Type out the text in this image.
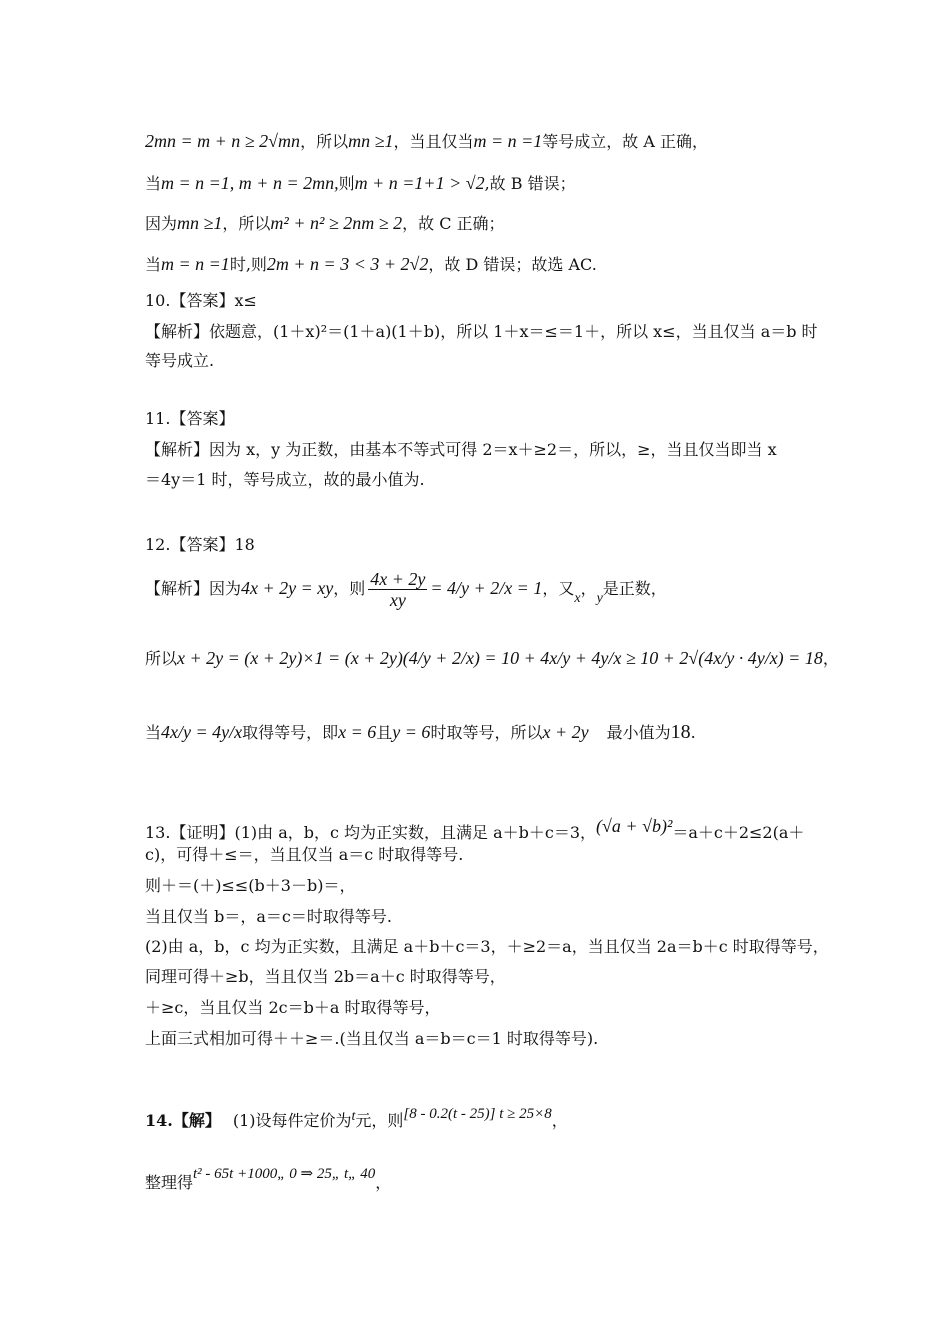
2mn = m + n ≥ 2√mn，所以mn ≥1，当且仅当m = n =1等号成立，故 A 正确，
当m = n =1, m + n = 2mn,则m + n =1+1 > √2,故 B 错误；
因为mn ≥1，所以m² + n² ≥ 2nm ≥ 2，故 C 正确；
当m = n =1时,则2m + n = 3 < 3 + 2√2，故 D 错误；故选 AC.
10.【答案】x≤
【解析】依题意，(1＋x)²＝(1＋a)(1＋b)，所以 1＋x＝≤＝1＋，所以 x≤，当且仅当 a＝b 时
等号成立.
11.【答案】
【解析】因为 x，y 为正数，由基本不等式可得 2＝x＋≥2＝，所以，≥，当且仅当即当 x
＝4y＝1 时，等号成立，故的最小值为.
12.【答案】18
【解析】因为4x + 2y = xy，则 $\frac{4x + 2y}{xy} = 4/y + 2/x = 1$，又x，y是正数，
所以x + 2y = (x + 2y)×1 = (x + 2y)(4/y + 2/x) = 10 + 4x/y + 4y/x ≥ 10 + 2√(4x/y · 4y/x) = 18，
当4x/y = 4y/x取得等号，即x = 6且y = 6时取等号，所以x + 2y 最小值为18.
13.【证明】(1)由 a，b，c 均为正实数，且满足 a＋b＋c＝3，(√a + √b)²＝a＋c＋2≤2(a＋
c)，可得＋≤＝，当且仅当 a＝c 时取得等号.
则＋＝(＋)≤≤(b＋3－b)＝，
当且仅当 b＝，a＝c＝时取得等号.
(2)由 a，b，c 均为正实数，且满足 a＋b＋c＝3，＋≥2＝a，当且仅当 2a＝b＋c 时取得等号，
同理可得＋≥b，当且仅当 2b＝a＋c 时取得等号，
＋≥c，当且仅当 2c＝b＋a 时取得等号，
上面三式相加可得＋＋≥＝.(当且仅当 a＝b＝c＝1 时取得等号).
14.【解】 (1)设每件定价为t元，则[8 - 0.2(t - 25)] t ≥ 25×8，
整理得t² - 65t +1000„ 0 ⇒ 25„ t„ 40，
